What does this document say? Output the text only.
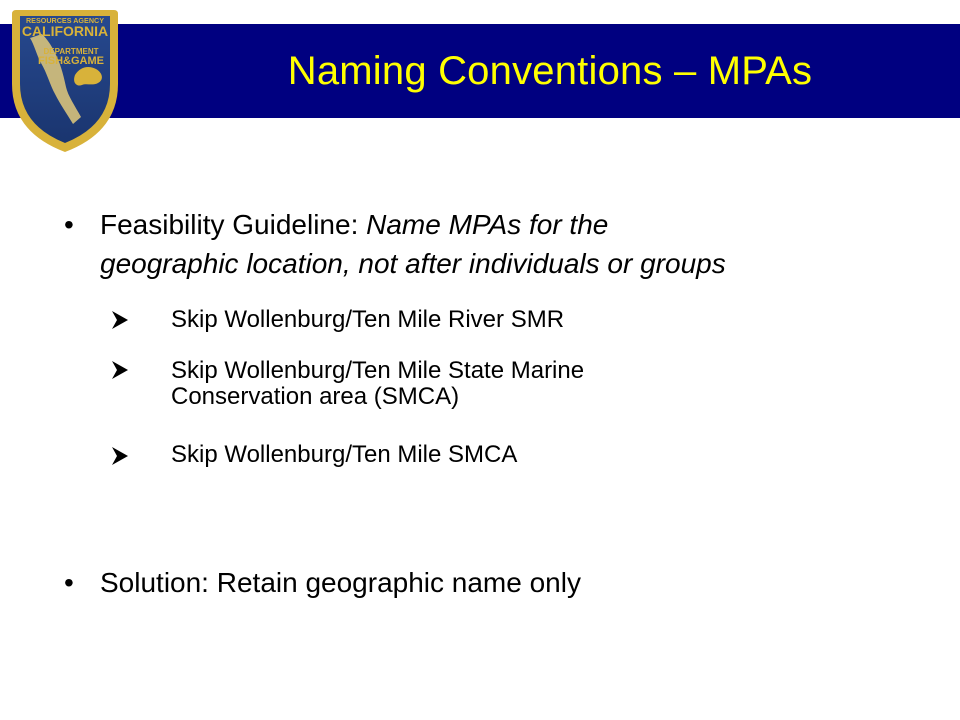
Naming Conventions – MPAs
RESOURCES AGENCY
CALIFORNIA
DEPARTMENT
FISH&GAME
• Feasibility Guideline: Name MPAs for the
geographic location, not after individuals or groups
Skip Wollenburg/Ten Mile River SMR
Skip Wollenburg/Ten Mile State Marine
Conservation area (SMCA)
Skip Wollenburg/Ten Mile SMCA
• Solution: Retain geographic name only
